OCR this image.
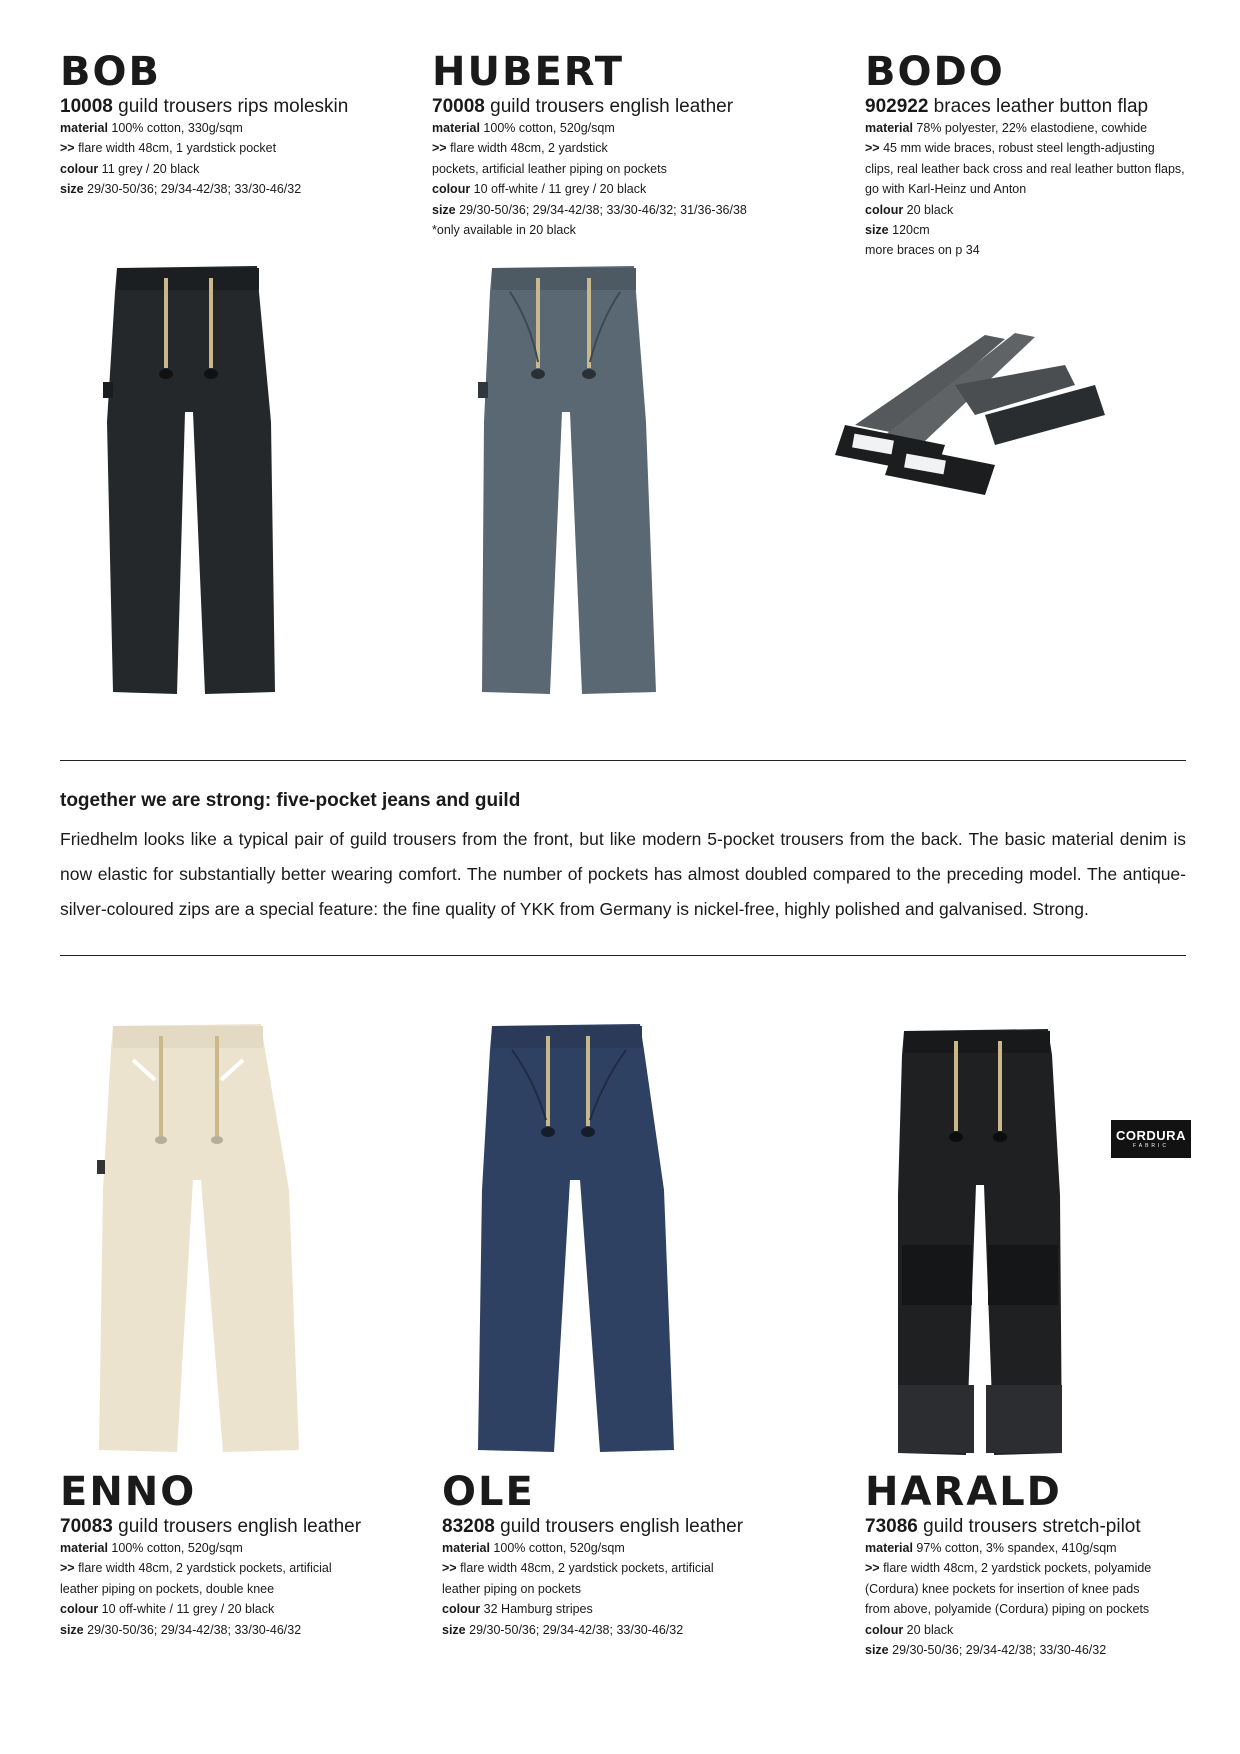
BOB
10008 guild trousers rips moleskin
material 100% cotton, 330g/sqm
>> flare width 48cm, 1 yardstick pocket
colour 11 grey / 20 black
size 29/30-50/36; 29/34-42/38; 33/30-46/32
HUBERT
70008 guild trousers english leather
material 100% cotton, 520g/sqm
>> flare width 48cm, 2 yardstick
pockets, artificial leather piping on pockets
colour 10 off-white / 11 grey / 20 black
size 29/30-50/36; 29/34-42/38; 33/30-46/32; 31/36-36/38
*only available in 20 black
BODO
902922 braces leather button flap
material 78% polyester, 22% elastodiene, cowhide
>> 45 mm wide braces, robust steel length-adjusting
clips, real leather back cross and real leather button flaps,
go with Karl-Heinz und Anton
colour 20 black
size 120cm
more braces on p 34
together we are strong: five-pocket jeans and guild
Friedhelm looks like a typical pair of guild trousers from the front, but like modern 5-pocket trousers from the back. The basic material denim is now elastic for substantially better wearing comfort. The number of pockets has almost doubled compared to the preceding model. The antique-silver-coloured zips are a special feature: the fine quality of YKK from Germany is nickel-free, highly polished and galvanised. Strong.
CORDURA
FABRIC
ENNO
70083 guild trousers english leather
material 100% cotton, 520g/sqm
>> flare width 48cm, 2 yardstick pockets, artificial
leather piping on pockets, double knee
colour 10 off-white / 11 grey / 20 black
size 29/30-50/36; 29/34-42/38; 33/30-46/32
OLE
83208 guild trousers english leather
material 100% cotton, 520g/sqm
>> flare width 48cm, 2 yardstick pockets, artificial
leather piping on pockets
colour 32 Hamburg stripes
size 29/30-50/36; 29/34-42/38; 33/30-46/32
HARALD
73086 guild trousers stretch-pilot
material 97% cotton, 3% spandex, 410g/sqm
>> flare width 48cm, 2 yardstick pockets, polyamide
(Cordura) knee pockets for insertion of knee pads
from above, polyamide (Cordura) piping on pockets
colour 20 black
size 29/30-50/36; 29/34-42/38; 33/30-46/32
